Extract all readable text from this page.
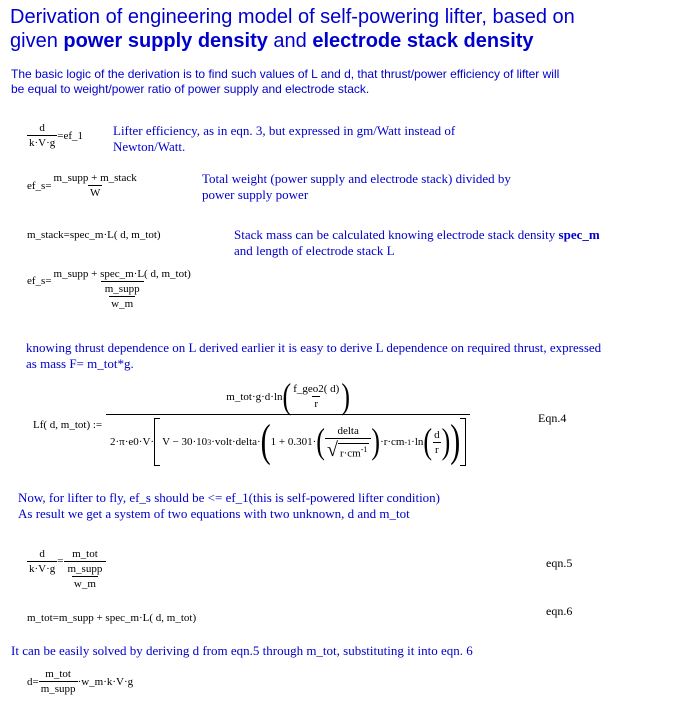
Derivation of engineering model of self-powering lifter, based on
given power supply density and electrode stack density
The basic logic of the derivation is to find such values of L and d, that thrust/power efficiency of lifter will
be equal to weight/power ratio of power supply and electrode stack.
$\frac{d}{k\cdot V\cdot g}$ =ef_1 Lifter efficiency, as in eqn. 3, but expressed in gm/Watt instead of
Newton/Watt.
ef_s= $\frac{\text{m\_supp + m\_stack}}{W}$	Total weight (power supply and electrode stack) divided by
power supply power
m_stack=spec_m·L( d, m_tot)	Stack mass can be calculated knowing electrode stack density spec_m
and length of electrode stack L
ef_s= $\frac{\text{m\_supp + spec\_m·L( d, m\_tot)}}{\frac{\text{m\_supp}}{w\_m}}$
knowing thrust dependence on L derived earlier it is easy to derive L dependence on required thrust, expressed
as mass F= m_tot*g.
Lf( d, m_tot) :=
m_tot·g·d·ln ( $\frac{\text{f\_geo2( d)}}{r}$ )
2·π·e0·V· V − 30·10 3 ·volt·delta· ( 1 + 0.301· ( $\frac{\text{delta}}{√ r\cdot cm^{-1}}$ ) ·r·cm -1 ·ln ( $\frac{d}{r}$ ) )	Eqn.4
Now, for lifter to fly, ef_s should be <= ef_1(this is self-powered lifter condition)
As result we get a system of two equations with two unknown, d and m_tot
$\frac{d}{k\cdot V\cdot g} = \frac{\text{m\_tot}}{\frac{\text{m\_supp}}{w\_m}}$	eqn.5
m_tot=m_supp + spec_m·L( d, m_tot)	eqn.6
It can be easily solved by deriving d from eqn.5 through m_tot, substituting it into eqn. 6
$d= \frac{\text{m\_tot}}{\text{m\_supp}}$ ·w_m·k·V·g
